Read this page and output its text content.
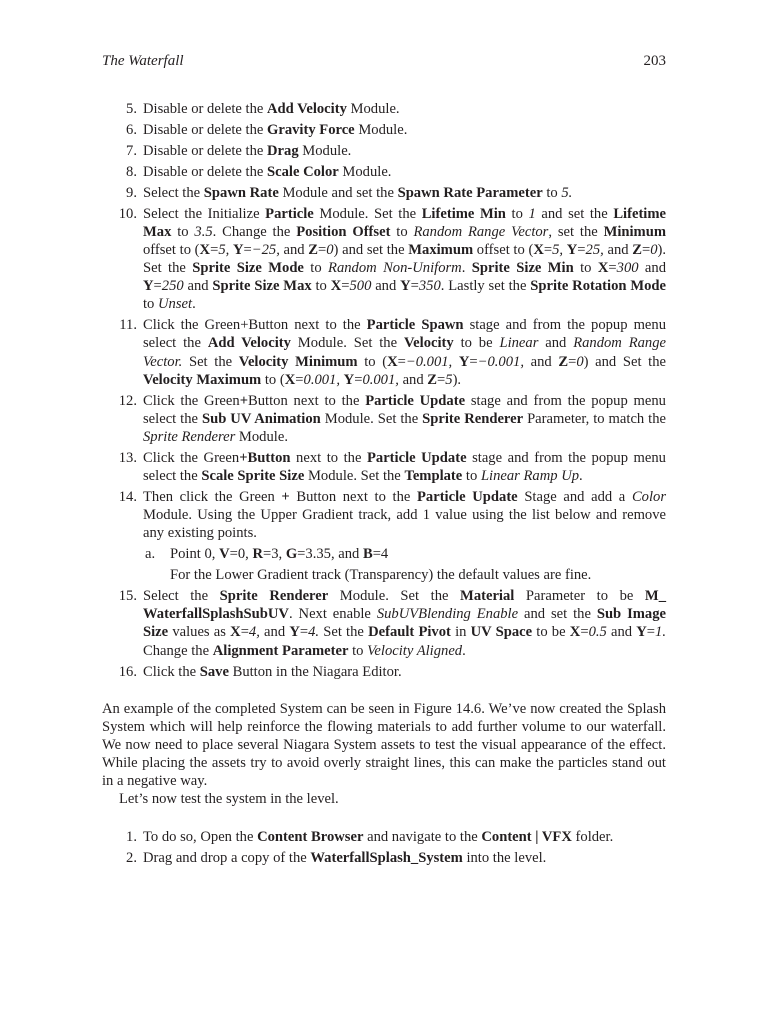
The Waterfall	203
5. Disable or delete the Add Velocity Module.
6. Disable or delete the Gravity Force Module.
7. Disable or delete the Drag Module.
8. Disable or delete the Scale Color Module.
9. Select the Spawn Rate Module and set the Spawn Rate Parameter to 5.
10. Select the Initialize Particle Module. Set the Lifetime Min to 1 and set the Lifetime Max to 3.5. Change the Position Offset to Random Range Vector, set the Minimum offset to (X=5, Y=−25, and Z=0) and set the Maximum offset to (X=5, Y=25, and Z=0). Set the Sprite Size Mode to Random Non-Uniform. Sprite Size Min to X=300 and Y=250 and Sprite Size Max to X=500 and Y=350. Lastly set the Sprite Rotation Mode to Unset.
11. Click the Green+Button next to the Particle Spawn stage and from the popup menu select the Add Velocity Module. Set the Velocity to be Linear and Random Range Vector. Set the Velocity Minimum to (X=−0.001, Y=−0.001, and Z=0) and Set the Velocity Maximum to (X=0.001, Y=0.001, and Z=5).
12. Click the Green+Button next to the Particle Update stage and from the popup menu select the Sub UV Animation Module. Set the Sprite Renderer Parameter, to match the Sprite Renderer Module.
13. Click the Green+Button next to the Particle Update stage and from the popup menu select the Scale Sprite Size Module. Set the Template to Linear Ramp Up.
14. Then click the Green + Button next to the Particle Update Stage and add a Color Module. Using the Upper Gradient track, add 1 value using the list below and remove any existing points.
a. Point 0, V=0, R=3, G=3.35, and B=4
For the Lower Gradient track (Transparency) the default values are fine.
15. Select the Sprite Renderer Module. Set the Material Parameter to be M_ WaterfallSplashSubUV. Next enable SubUVBlending Enable and set the Sub Image Size values as X=4, and Y=4. Set the Default Pivot in UV Space to be X=0.5 and Y=1. Change the Alignment Parameter to Velocity Aligned.
16. Click the Save Button in the Niagara Editor.

An example of the completed System can be seen in Figure 14.6. We’ve now created the Splash System which will help reinforce the flowing materials to add further volume to our waterfall. We now need to place several Niagara System assets to test the visual appearance of the effect. While placing the assets try to avoid overly straight lines, this can make the particles stand out in a negative way.

Let’s now test the system in the level.

1. To do so, Open the Content Browser and navigate to the Content | VFX folder.
2. Drag and drop a copy of the WaterfallSplash_System into the level.
